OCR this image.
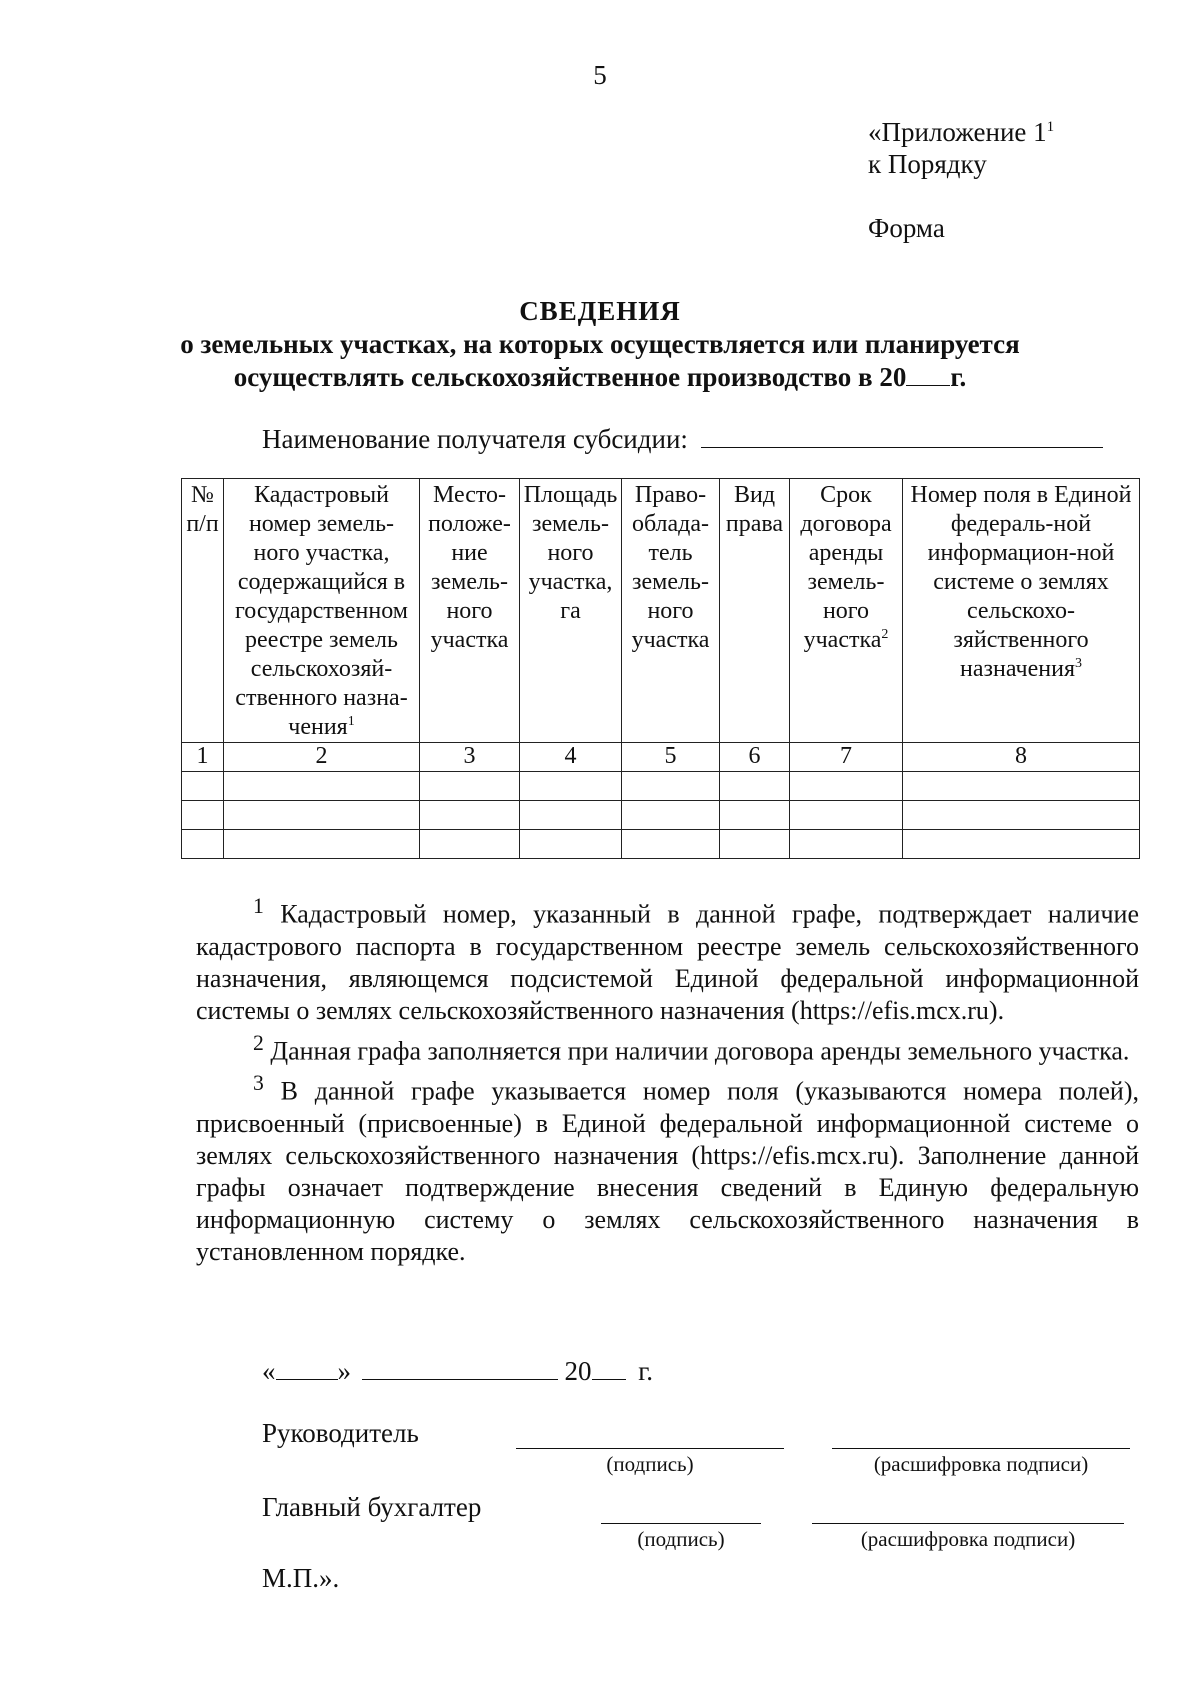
5
«Приложение $1^1$
к Порядку
Форма
СВЕДЕНИЯ
о земельных участках, на которых осуществляется или планируется
осуществлять сельскохозяйственное производство в 20 г.
Наименование получателя субсидии:
№ п/п	Кадастровый номер земель-ного участка, содержащийся в государственном реестре земель сельскохозяй-ственного назна-чения$^1$	Место-положе-ние земель-ного участка	Площадь земель-ного участка, га	Право-облада-тель земель-ного участка	Вид права	Срок договора аренды земель-ного участка$^2$	Номер поля в Единой федераль-ной информацион-ной системе о землях сельскохо-зяйственного назначения$^3$
1	2	3	4	5	6	7	8

$^1$ Кадастровый номер, указанный в данной графе, подтверждает наличие кадастрового паспорта в государственном реестре земель сельскохозяйственного назначения, являющемся подсистемой Единой федеральной информационной системы о землях сельскохозяйственного назначения (https://efis.mcx.ru).

$^2$ Данная графа заполняется при наличии договора аренды земельного участка.

$^3$ В данной графе указывается номер поля (указываются номера полей), присвоенный (присвоенные) в Единой федеральной информационной системе о землях сельскохозяйственного назначения (https://efis.mcx.ru). Заполнение данной графы означает подтверждение внесения сведений в Единую федеральную информационную систему о землях сельскохозяйственного назначения в установленном порядке.

« »	20 г.
Руководитель
(подпись)	(расшифровка подписи)
Главный бухгалтер
(подпись)	(расшифровка подписи)
М.П.».
